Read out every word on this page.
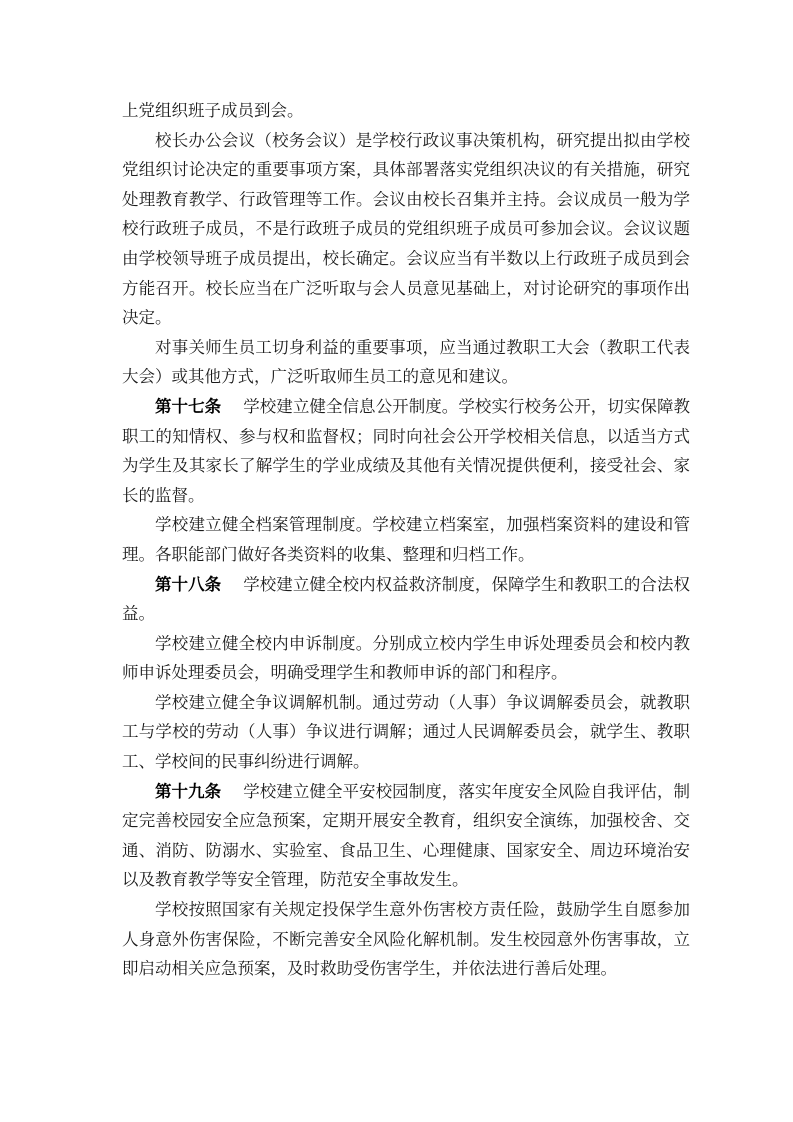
上党组织班子成员到会。

校长办公会议（校务会议）是学校行政议事决策机构，研究提出拟由学校党组织讨论决定的重要事项方案，具体部署落实党组织决议的有关措施，研究处理教育教学、行政管理等工作。会议由校长召集并主持。会议成员一般为学校行政班子成员，不是行政班子成员的党组织班子成员可参加会议。会议议题由学校领导班子成员提出，校长确定。会议应当有半数以上行政班子成员到会方能召开。校长应当在广泛听取与会人员意见基础上，对讨论研究的事项作出决定。

对事关师生员工切身利益的重要事项，应当通过教职工大会（教职工代表大会）或其他方式，广泛听取师生员工的意见和建议。

第十七条 学校建立健全信息公开制度。学校实行校务公开，切实保障教职工的知情权、参与权和监督权；同时向社会公开学校相关信息，以适当方式为学生及其家长了解学生的学业成绩及其他有关情况提供便利，接受社会、家长的监督。

学校建立健全档案管理制度。学校建立档案室，加强档案资料的建设和管理。各职能部门做好各类资料的收集、整理和归档工作。

第十八条 学校建立健全校内权益救济制度，保障学生和教职工的合法权益。

学校建立健全校内申诉制度。分别成立校内学生申诉处理委员会和校内教师申诉处理委员会，明确受理学生和教师申诉的部门和程序。

学校建立健全争议调解机制。通过劳动（人事）争议调解委员会，就教职工与学校的劳动（人事）争议进行调解；通过人民调解委员会，就学生、教职工、学校间的民事纠纷进行调解。

第十九条 学校建立健全平安校园制度，落实年度安全风险自我评估，制定完善校园安全应急预案，定期开展安全教育，组织安全演练，加强校舍、交通、消防、防溺水、实验室、食品卫生、心理健康、国家安全、周边环境治安以及教育教学等安全管理，防范安全事故发生。

学校按照国家有关规定投保学生意外伤害校方责任险，鼓励学生自愿参加人身意外伤害保险，不断完善安全风险化解机制。发生校园意外伤害事故，立即启动相关应急预案，及时救助受伤害学生，并依法进行善后处理。
